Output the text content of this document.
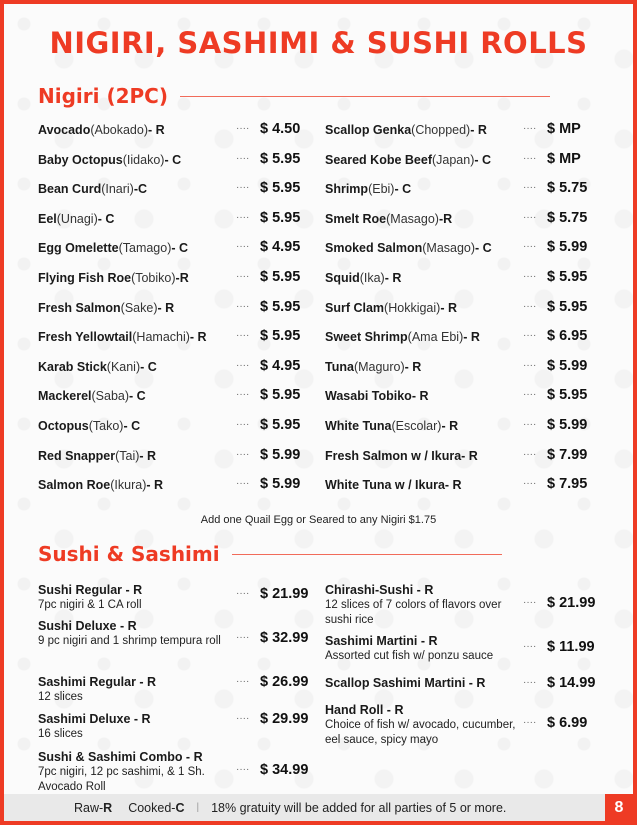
NIGIRI, SASHIMI & SUSHI ROLLS
Nigiri (2PC)
Avocado (Abokado) - R	···· $ 4.50
Baby Octopus (Iidako) - C	···· $ 5.95
Bean Curd (Inari) -C	···· $ 5.95
Eel (Unagi) - C	···· $ 5.95
Egg Omelette (Tamago) - C	···· $ 4.95
Flying Fish Roe (Tobiko) -R	···· $ 5.95
Fresh Salmon (Sake) - R	···· $ 5.95
Fresh Yellowtail (Hamachi) - R	···· $ 5.95
Karab Stick (Kani) - C	···· $ 4.95
Mackerel (Saba) - C	···· $ 5.95
Octopus (Tako) - C	···· $ 5.95
Red Snapper (Tai) - R	···· $ 5.99
Salmon Roe (Ikura) - R	···· $ 5.99
Scallop Genka (Chopped) - R	···· $ MP
Seared Kobe Beef (Japan) - C	···· $ MP
Shrimp (Ebi) - C	···· $ 5.75
Smelt Roe (Masago) -R	···· $ 5.75
Smoked Salmon (Masago) - C	···· $ 5.99
Squid (Ika) - R	···· $ 5.95
Surf Clam (Hokkigai) - R	···· $ 5.95
Sweet Shrimp (Ama Ebi) - R	···· $ 6.95
Tuna (Maguro) - R	···· $ 5.99
Wasabi Tobiko - R	···· $ 5.95
White Tuna (Escolar) - R	···· $ 5.99
Fresh Salmon w / Ikura - R	···· $ 7.99
White Tuna w / Ikura - R	···· $ 7.95
Add one Quail Egg or Seared to any Nigiri $1.75
Sushi & Sashimi
Sushi Regular - R
7pc nigiri & 1 CA roll
···· $ 21.99
Sushi Deluxe - R
9 pc nigiri and 1 shrimp tempura roll	···· $ 32.99
Sashimi Regular - R
12 slices
···· $ 26.99
Sashimi Deluxe - R
16 slices
···· $ 29.99
Sushi & Sashimi Combo - R
7pc nigiri, 12 pc sashimi, & 1 Sh. Avocado Roll
···· $ 34.99
Chirashi-Sushi - R
12 slices of 7 colors of flavors over sushi rice
···· $ 21.99
Sashimi Martini - R
Assorted cut fish w/ ponzu sauce
···· $ 11.99
Scallop Sashimi Martini - R	···· $ 14.99
Hand Roll - R
Choice of fish w/ avocado, cucumber, eel sauce, spicy mayo
···· $ 6.99
Raw-R Cooked-C | 18% gratuity will be added for all parties of 5 or more.	8
